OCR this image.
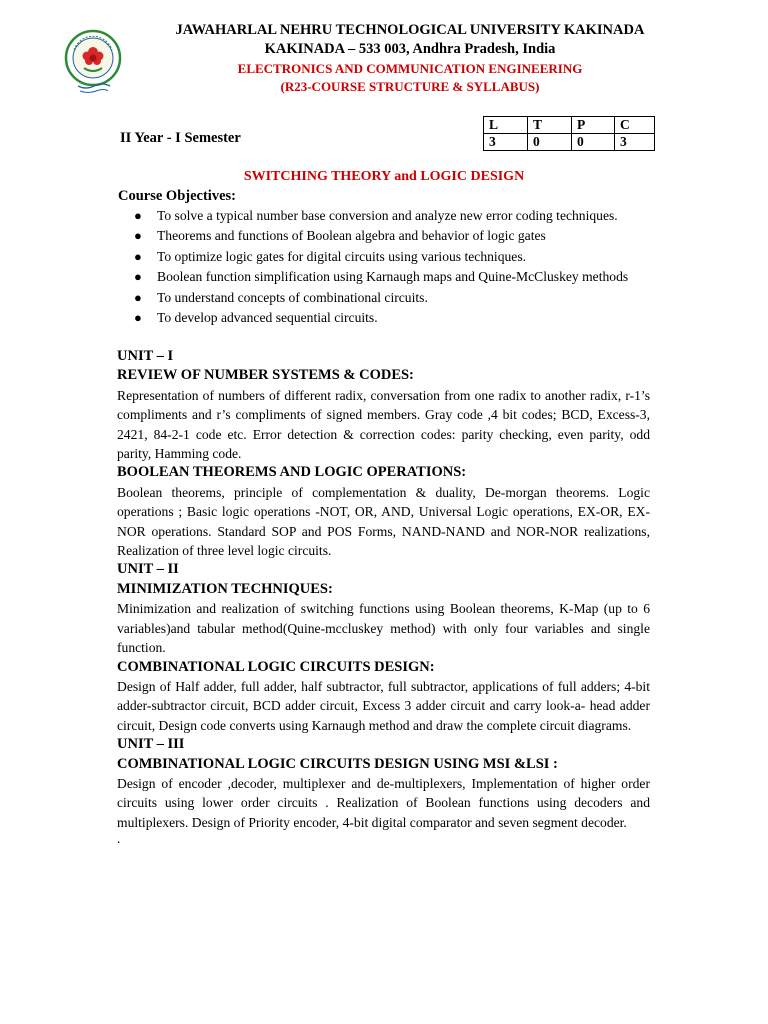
JAWAHARLAL NEHRU TECHNOLOGICAL UNIVERSITY KAKINADA
KAKINADA – 533 003, Andhra Pradesh, India
ELECTRONICS AND COMMUNICATION ENGINEERING
(R23-COURSE STRUCTURE & SYLLABUS)
II Year - I Semester
L	T	P	C
3	0	0	3
SWITCHING THEORY and LOGIC DESIGN
Course Objectives:
● To solve a typical number base conversion and analyze new error coding techniques.
● Theorems and functions of Boolean algebra and behavior of logic gates
● To optimize logic gates for digital circuits using various techniques.
● Boolean function simplification using Karnaugh maps and Quine-McCluskey methods
● To understand concepts of combinational circuits.
● To develop advanced sequential circuits.
UNIT – I
REVIEW OF NUMBER SYSTEMS & CODES:
Representation of numbers of different radix, conversation from one radix to another radix, r-1’s compliments and r’s compliments of signed members. Gray code ,4 bit codes; BCD, Excess-3, 2421, 84-2-1 code etc. Error detection & correction codes: parity checking, even parity, odd parity, Hamming code.
BOOLEAN THEOREMS AND LOGIC OPERATIONS:
Boolean theorems, principle of complementation & duality, De-morgan theorems. Logic operations ; Basic logic operations -NOT, OR, AND, Universal Logic operations, EX-OR, EX- NOR operations. Standard SOP and POS Forms, NAND-NAND and NOR-NOR realizations, Realization of three level logic circuits.
UNIT – II
MINIMIZATION TECHNIQUES:
Minimization and realization of switching functions using Boolean theorems, K-Map (up to 6 variables)and tabular method(Quine-mccluskey method) with only four variables and single function.
COMBINATIONAL LOGIC CIRCUITS DESIGN:
Design of Half adder, full adder, half subtractor, full subtractor, applications of full adders; 4-bit adder-subtractor circuit, BCD adder circuit, Excess 3 adder circuit and carry look-a- head adder circuit, Design code converts using Karnaugh method and draw the complete circuit diagrams.
UNIT – III
COMBINATIONAL LOGIC CIRCUITS DESIGN USING MSI &LSI :
Design of encoder ,decoder, multiplexer and de-multiplexers, Implementation of higher order circuits using lower order circuits . Realization of Boolean functions using decoders and multiplexers. Design of Priority encoder, 4-bit digital comparator and seven segment decoder.
.
